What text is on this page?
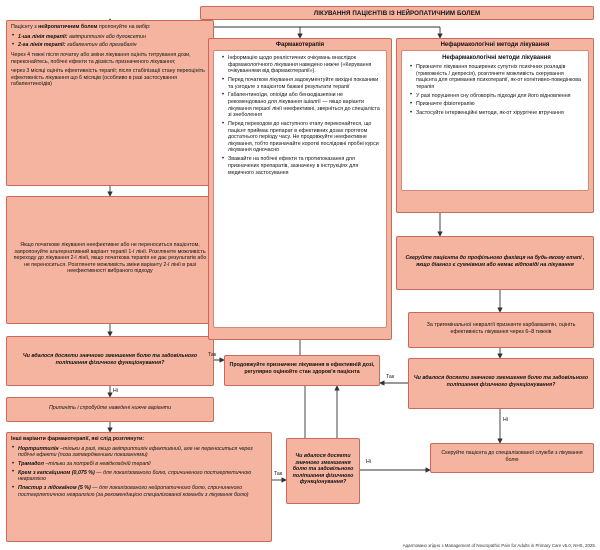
ЛІКУВАННЯ ПАЦІЄНТІВ ІЗ НЕЙРОПАТИЧНИМ БОЛЕМ

Пацієнту з нейропатичним болем пропонуйте на вибір:

• 1-ша лінія терапії: амітриптилін або дулоксетин
• 2-га лінія терапії: габапентин або прегабалін

Через 4 тижні після початку або зміни лікування оцініть титрування дози, переконайтесь, побічні ефекти та дієвість призначеного лікування;

через 3 місяці оцініть ефективність терапії; після стабілізації стану переоцініть ефективність лікування що 6 місяців (особливо в разі застосування габапентиноїдів)

Якщо початкове лікування неефективне або не переноситься пацієнтом, запропонуйте альтернативний варіант терапії 1-ї лінії. Розглянете можливість переходу до лікування 2-ї лінії, якщо початкова терапія не дає результатів або не переноситься. Розглянете можливість зміни варіанту 2-ї лінії в разі неефективності вибраного підходу

Чи вдалося досягти значного зменшення болю та задовільного поліпшення фізичного функціонування?

Припиніть і спробуйте наведені нижче варіанти

Інші варіанти фармакотерапії, які слід розглянути:

• Нортриптилін –тільки в разі, якщо амітриптилін ефективний, але не переноситься через побічні ефекти (поза затвердженими показаннями)
• Трамадол –тільки за потребі в невідкладній терапії
• Крем з капсаїцином (0,075 %) — для локалізованого болю, спричиненого постгерпетичною невралгією
• Пластир з лідокаїном (5 %) — для локалізованого нейропатичного болю, спричиненого постгерпетичною невралгією (за рекомендацією спеціалізованої команди з лікування болю)
Фармакотерапія
• Інформацію щодо реалістичних очікувань внаслідок фармакологічного лікування наведено нижче («Керування очікуваннями від фармакотерапії»).
• Перед початком лікування задокументуйте вихідні показники та узгодьте з пацієнтом бажані результати терапії
• Габапентиноїди, опіоїди або бензодіазепіни не рекомендовано для лікування ішіалгії — якщо варіанти лікування першої лінії неефективні, зверніться до спеціаліста зі знеболення
• Перед переходом до наступного етапу переконайтеся, що пацієнт приймає препарат в ефективних дозах протягом достатнього періоду часу. Не продовжуйте неефективне лікування, тобто призначайте короткі послідовні пробні курси лікування одночасно
• Зважайте на побічні ефекти та протипоказання для призначених препаратів, зазначену в інструкціях для медичного застосування
Нефармакологічні методи лікування
Нефармакологічні методи лікування
• Призначте лікування поширених супутніх психічних розладів (тривожність / депресія), розглянете можливість скерування пацієнта для отримання психотерапії, як-от когнітивно-поведінкова терапія
• У разі порушення сну обговоріть підходи для його відновлення
• Призначте фізіотерапію
• Застосуйте інтервенційні методи, як-от хірургічне втручання

Скеруйте пацієнта до профільного фахівця на будь-якому етапі , якщо діагноз є сумнівним або немає відповіді на лікування

За тригемінальної невралгії призначте карбамазепін, оцініть ефективність лікування через 6–8 тижнів

Чи вдалося досягти значного зменшення болю та задовільного поліпшення фізичного функціонування?

Скеруйте пацієнта до спеціалізованої служби з лікування болю

Продовжуйте призначене лікування в ефективній дозі, регулярно оцінюйте стан здоров'я пацієнта

Чи вдалося досягти значного зменшення болю та задовільного поліпшення фізичного функціонування?

Так
Ні
Так
Ні
Так
Ні
Адаптовано згідно з Management of Neuropathic Pain for Adults in Primary Care v5.0, NHS, 2025.
